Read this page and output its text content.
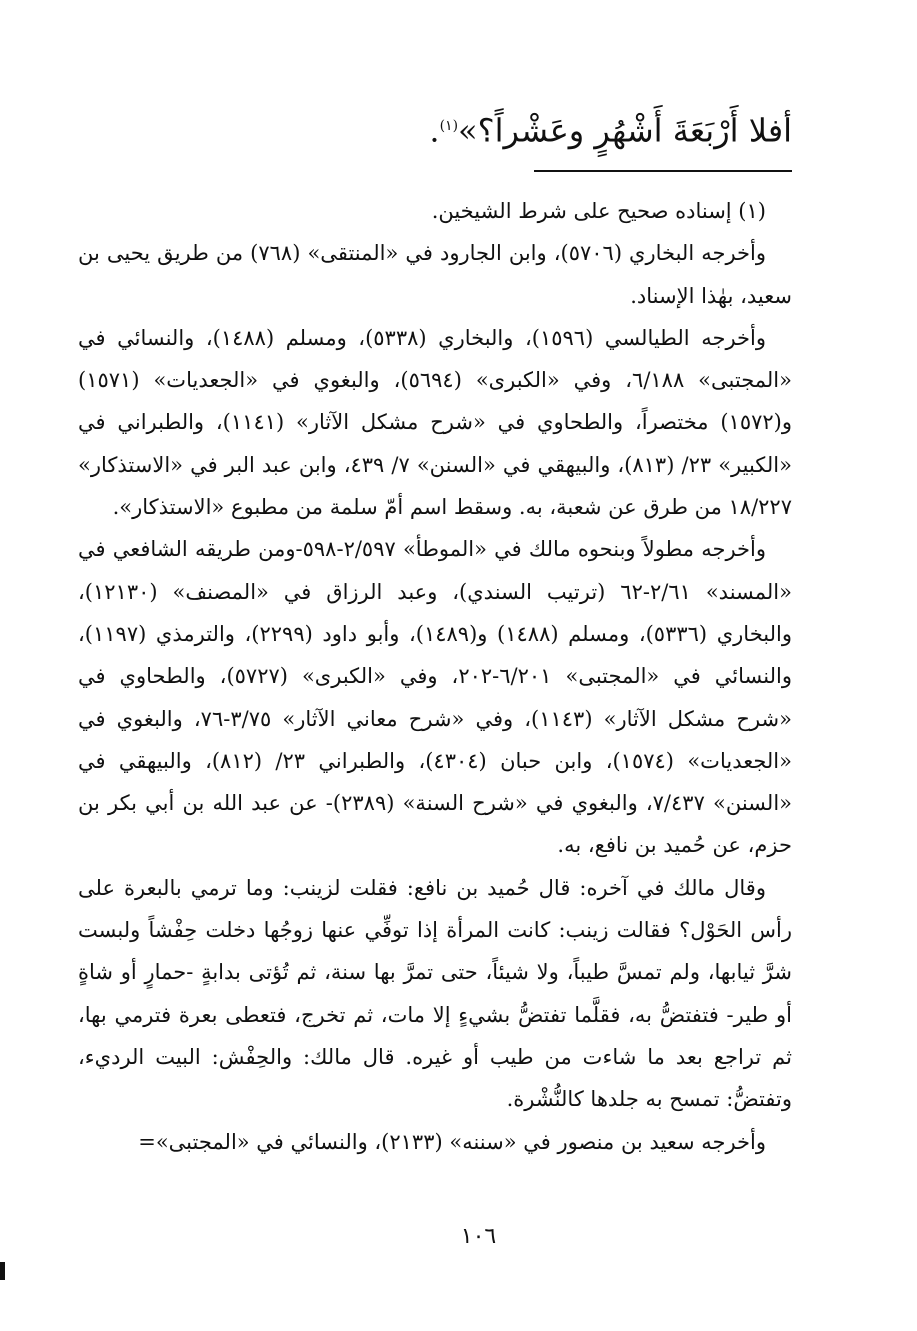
أفلا أَرْبَعَةَ أَشْهُرٍ وعَشْراً؟»$^{(١)}$.

(١) إسناده صحيح على شرط الشيخين.

وأخرجه البخاري (٥٧٠٦)، وابن الجارود في «المنتقى» (٧٦٨) من طريق يحيى بن سعيد، بهٰذا الإسناد.

وأخرجه الطيالسي (١٥٩٦)، والبخاري (٥٣٣٨)، ومسلم (١٤٨٨)، والنسائي في «المجتبى» ٦/١٨٨، وفي «الكبرى» (٥٦٩٤)، والبغوي في «الجعديات» (١٥٧١) و(١٥٧٢) مختصراً، والطحاوي في «شرح مشكل الآثار» (١١٤١)، والطبراني في «الكبير» ٢٣/ (٨١٣)، والبيهقي في «السنن» ٧/ ٤٣٩، وابن عبد البر في «الاستذكار» ١٨/٢٢٧ من طرق عن شعبة، به. وسقط اسم أمّ سلمة من مطبوع «الاستذكار».

وأخرجه مطولاً وبنحوه مالك في «الموطأ» ٢/٥٩٧-٥٩٨-ومن طريقه الشافعي في «المسند» ٢/٦١-٦٢ (ترتيب السندي)، وعبد الرزاق في «المصنف» (١٢١٣٠)، والبخاري (٥٣٣٦)، ومسلم (١٤٨٨) و(١٤٨٩)، وأبو داود (٢٢٩٩)، والترمذي (١١٩٧)، والنسائي في «المجتبى» ٦/٢٠١-٢٠٢، وفي «الكبرى» (٥٧٢٧)، والطحاوي في «شرح مشكل الآثار» (١١٤٣)، وفي «شرح معاني الآثار» ٣/٧٥-٧٦، والبغوي في «الجعديات» (١٥٧٤)، وابن حبان (٤٣٠٤)، والطبراني ٢٣/ (٨١٢)، والبيهقي في «السنن» ٧/٤٣٧، والبغوي في «شرح السنة» (٢٣٨٩)- عن عبد الله بن أبي بكر بن حزم، عن حُميد بن نافع، به.

وقال مالك في آخره: قال حُميد بن نافع: فقلت لزينب: وما ترمي بالبعرة على رأس الحَوْل؟ فقالت زينب: كانت المرأة إذا توفِّي عنها زوجُها دخلت حِفْشاً ولبست شرَّ ثيابها، ولم تمسَّ طيباً، ولا شيئاً، حتى تمرَّ بها سنة، ثم تُؤتى بدابةٍ -حمارٍ أو شاةٍ أو طير- فتفتضُّ به، فقلَّما تفتضُّ بشيءٍ إلا مات، ثم تخرج، فتعطى بعرة فترمي بها، ثم تراجع بعد ما شاءت من طيب أو غيره. قال مالك: والحِفْش: البيت الرديء، وتفتضُّ: تمسح به جلدها كالنُّشْرة.

وأخرجه سعيد بن منصور في «سننه» (٢١٣٣)، والنسائي في «المجتبى»=

١٠٦
